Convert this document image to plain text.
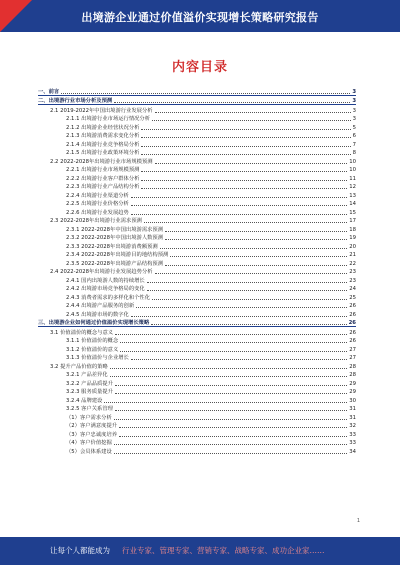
出境游企业通过价值溢价实现增长策略研究报告
内容目录
一、前言	3
二、出境游行业市场分析及预测	3
2.1 2019-2022年中国出境游行业发展分析	3
2.1.1 出境游行业市场运行情况分析	3
2.1.2 出境游企业经营状况分析	5
2.1.3 出境游消费需求变化分析	6
2.1.4 出境游行业竞争格局分析	7
2.1.5 出境游行业政策环境分析	8
2.2 2022-2028年出境游行业市场规模预测	10
2.2.1 出境游行业市场规模预测	10
2.2.2 出境游行业客户群体分析	11
2.2.3 出境游行业产品结构分析	12
2.2.4 出境游行业渠道分析	13
2.2.5 出境游行业价格分析	14
2.2.6 出境游行业发展趋势	15
2.3 2022-2028年出境游行业需求预测	17
2.3.1 2022-2028年中国出境游需求预测	18
2.3.2 2022-2028年中国出境游人数预测	19
2.3.3 2022-2028年出境游消费额预测	20
2.3.4 2022-2028年出境游目的地结构预测	21
2.3.5 2022-2028年出境游产品结构预测	22
2.4 2022-2028年出境游行业发展趋势分析	23
2.4.1 国内出境游人数的持续增长	23
2.4.2 出境游市场竞争格局的变化	24
2.4.3 消费者需求的多样化和个性化	25
2.4.4 出境游产品服务的创新	26
2.4.5 出境游市场的数字化	26
三、出境游企业如何通过价值溢价实现增长策略	26
3.1 价值溢价的概念与意义	26
3.1.1 价值溢价的概念	26
3.1.2 价值溢价的意义	27
3.1.3 价值溢价与企业增长	27
3.2 提升产品价值的策略	28
3.2.1 产品差异化	28
3.2.2 产品品质提升	29
3.2.3 服务质量提升	29
3.2.4 品牌建设	30
3.2.5 客户关系管理	31
（1）客户需求分析	31
（2）客户满意度提升	32
（3）客户忠诚度培养	33
（4）客户价值挖掘	33
（5）会员体系建设	34
1
让每个人都能成为 行业专家、管理专家、营销专家、战略专家、成功企业家……
